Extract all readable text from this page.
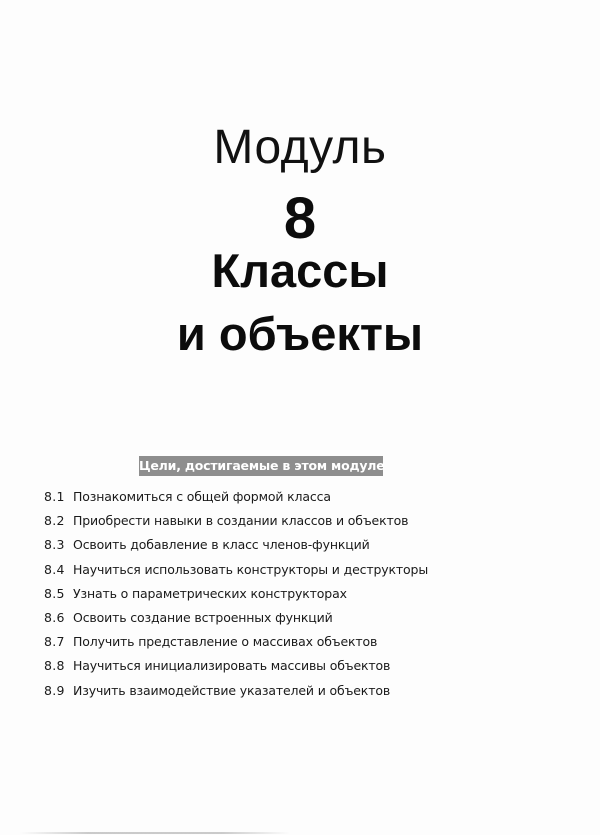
Модуль
8
Классы
и объекты
Цели, достигаемые в этом модуле
8.1 Познакомиться с общей формой класса
8.2 Приобрести навыки в создании классов и объектов
8.3 Освоить добавление в класс членов-функций
8.4 Научиться использовать конструкторы и деструкторы
8.5 Узнать о параметрических конструкторах
8.6 Освоить создание встроенных функций
8.7 Получить представление о массивах объектов
8.8 Научиться инициализировать массивы объектов
8.9 Изучить взаимодействие указателей и объектов
